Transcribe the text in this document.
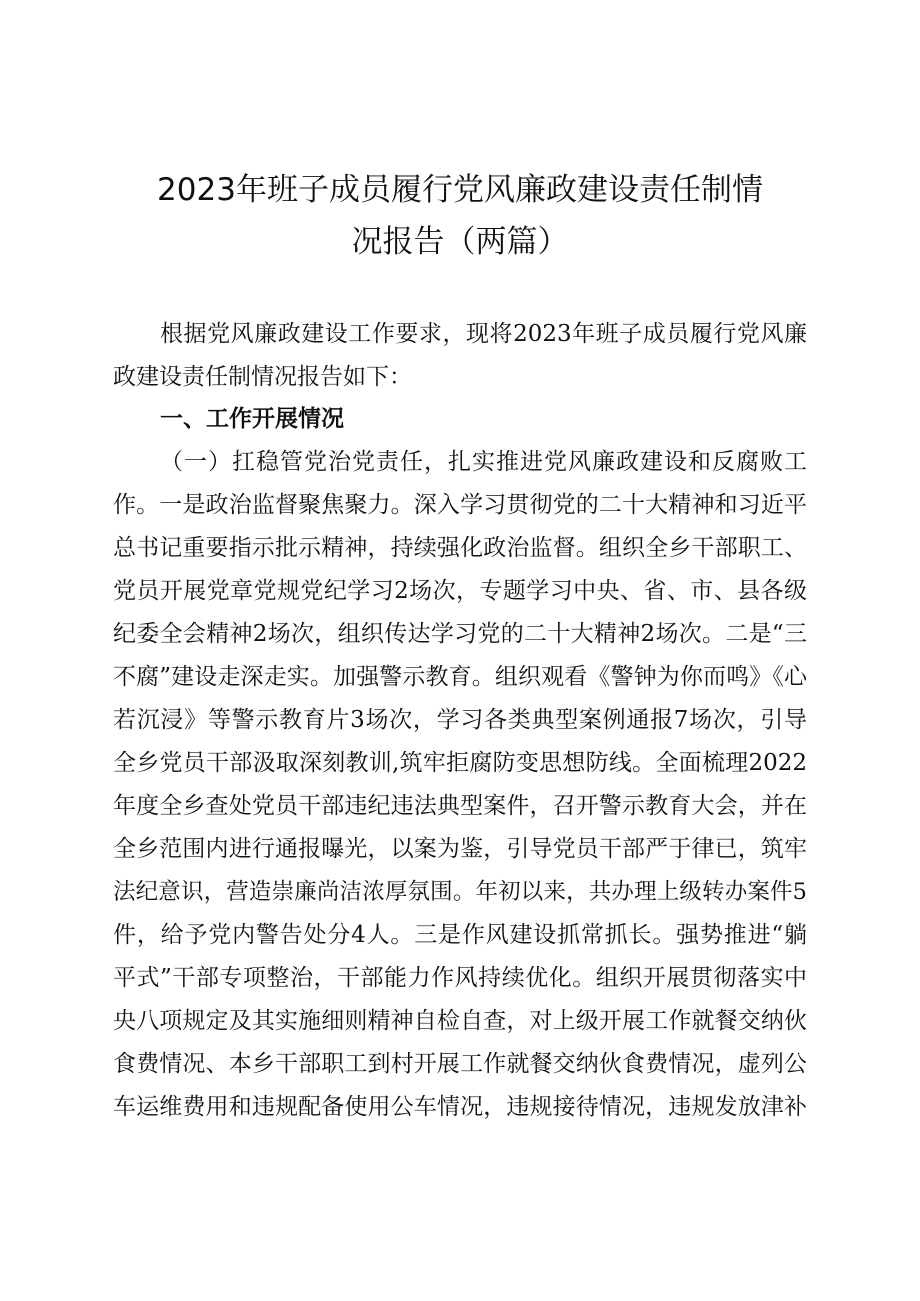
2023年班子成员履行党风廉政建设责任制情
况报告（两篇）
根据党风廉政建设工作要求，现将2023年班子成员履行党风廉
政建设责任制情况报告如下：
一、工作开展情况
（一）扛稳管党治党责任，扎实推进党风廉政建设和反腐败工
作。一是政治监督聚焦聚力。深入学习贯彻党的二十大精神和习近平
总书记重要指示批示精神，持续强化政治监督。组织全乡干部职工、
党员开展党章党规党纪学习2场次，专题学习中央、省、市、县各级
纪委全会精神2场次，组织传达学习党的二十大精神2场次。二是“三
不腐”建设走深走实。加强警示教育。组织观看《警钟为你而鸣》《心
若沉浸》等警示教育片3场次，学习各类典型案例通报7场次，引导
全乡党员干部汲取深刻教训,筑牢拒腐防变思想防线。全面梳理2022
年度全乡查处党员干部违纪违法典型案件，召开警示教育大会，并在
全乡范围内进行通报曝光，以案为鉴，引导党员干部严于律已，筑牢
法纪意识，营造崇廉尚洁浓厚氛围。年初以来，共办理上级转办案件5
件，给予党内警告处分4人。三是作风建设抓常抓长。强势推进“躺
平式”干部专项整治，干部能力作风持续优化。组织开展贯彻落实中
央八项规定及其实施细则精神自检自查，对上级开展工作就餐交纳伙
食费情况、本乡干部职工到村开展工作就餐交纳伙食费情况，虚列公
车运维费用和违规配备使用公车情况，违规接待情况，违规发放津补
